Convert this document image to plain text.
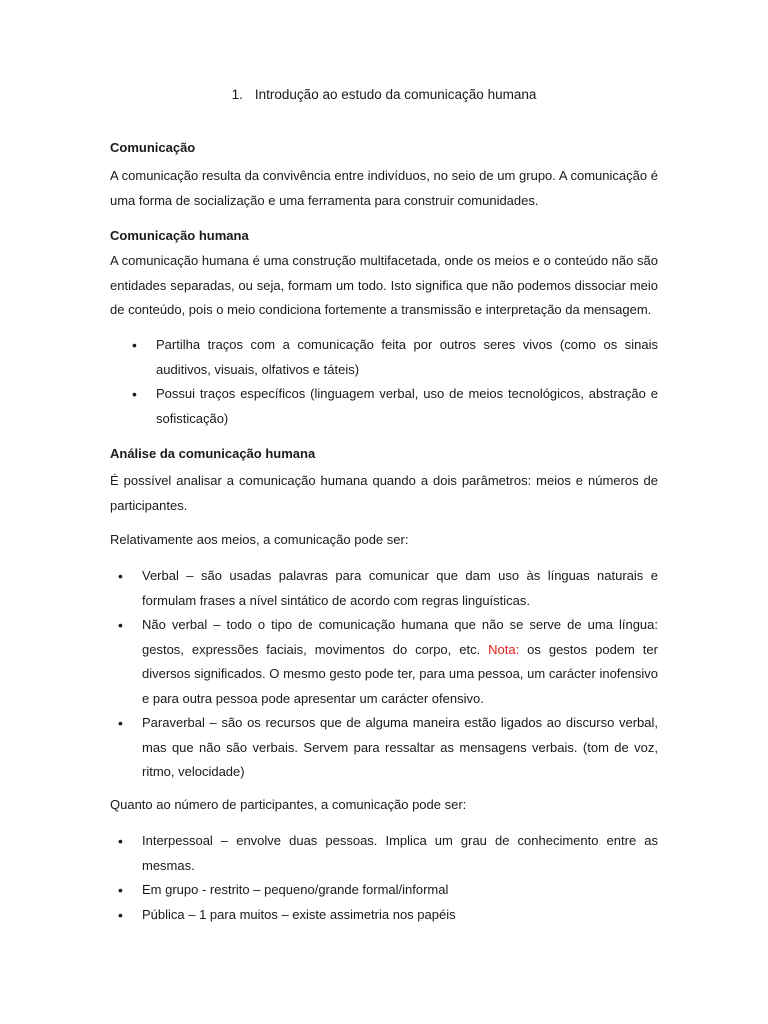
1. Introdução ao estudo da comunicação humana
Comunicação
A comunicação resulta da convivência entre indivíduos, no seio de um grupo. A comunicação é uma forma de socialização e uma ferramenta para construir comunidades.
Comunicação humana
A comunicação humana é uma construção multifacetada, onde os meios e o conteúdo não são entidades separadas, ou seja, formam um todo. Isto significa que não podemos dissociar meio de conteúdo, pois o meio condiciona fortemente a transmissão e interpretação da mensagem.
• Partilha traços com a comunicação feita por outros seres vivos (como os sinais auditivos, visuais, olfativos e táteis)
• Possui traços específicos (linguagem verbal, uso de meios tecnológicos, abstração e sofisticação)
Análise da comunicação humana
É possível analisar a comunicação humana quando a dois parâmetros: meios e números de participantes.
Relativamente aos meios, a comunicação pode ser:
• Verbal – são usadas palavras para comunicar que dam uso às línguas naturais e formulam frases a nível sintático de acordo com regras linguísticas.
• Não verbal – todo o tipo de comunicação humana que não se serve de uma língua: gestos, expressões faciais, movimentos do corpo, etc. Nota: os gestos podem ter diversos significados. O mesmo gesto pode ter, para uma pessoa, um carácter inofensivo e para outra pessoa pode apresentar um carácter ofensivo.
• Paraverbal – são os recursos que de alguma maneira estão ligados ao discurso verbal, mas que não são verbais. Servem para ressaltar as mensagens verbais. (tom de voz, ritmo, velocidade)
Quanto ao número de participantes, a comunicação pode ser:
• Interpessoal – envolve duas pessoas. Implica um grau de conhecimento entre as mesmas.
• Em grupo - restrito – pequeno/grande formal/informal
• Pública – 1 para muitos – existe assimetria nos papéis
